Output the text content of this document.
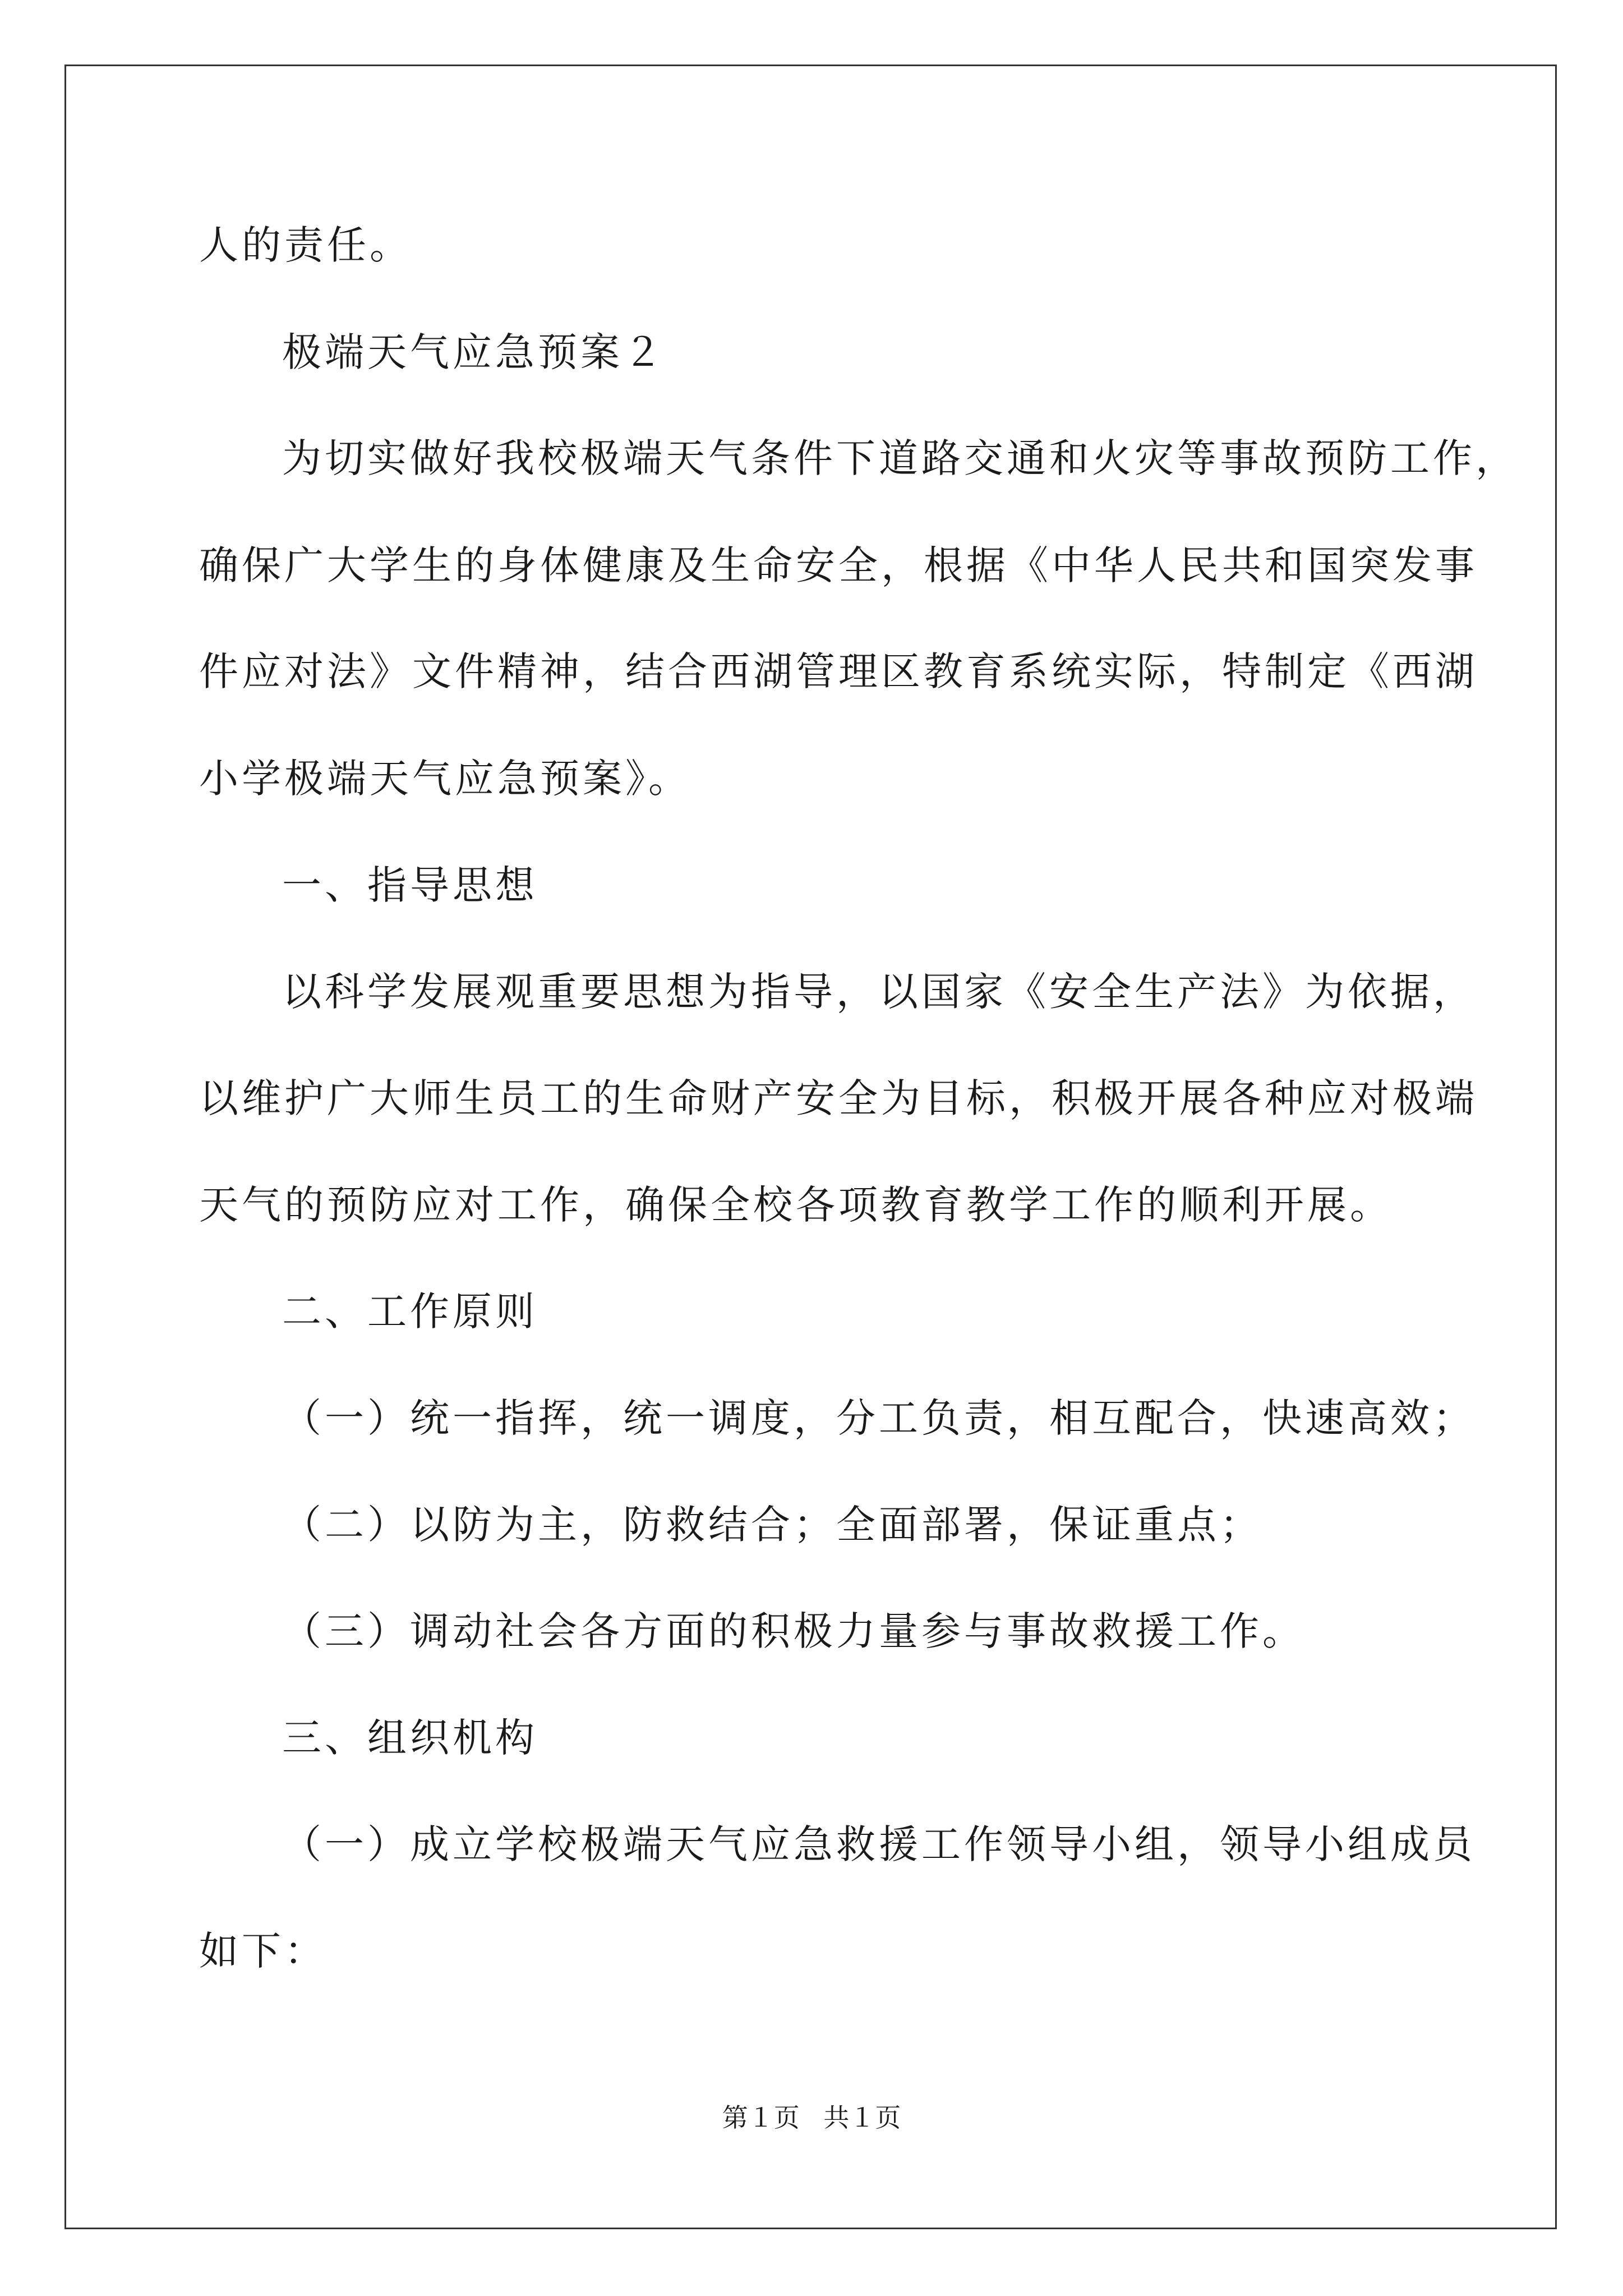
人的责任。
极端天气应急预案２
为切实做好我校极端天气条件下道路交通和火灾等事故预防工作，
确保广大学生的身体健康及生命安全，根据《中华人民共和国突发事
件应对法》文件精神，结合西湖管理区教育系统实际，特制定《西湖
小学极端天气应急预案》。
一、指导思想
以科学发展观重要思想为指导，以国家《安全生产法》为依据，
以维护广大师生员工的生命财产安全为目标，积极开展各种应对极端
天气的预防应对工作，确保全校各项教育教学工作的顺利开展。
二、工作原则
（一）统一指挥，统一调度，分工负责，相互配合，快速高效；
（二）以防为主，防救结合；全面部署，保证重点；
（三）调动社会各方面的积极力量参与事故救援工作。
三、组织机构
（一）成立学校极端天气应急救援工作领导小组，领导小组成员
如下：
第１页 共１页
